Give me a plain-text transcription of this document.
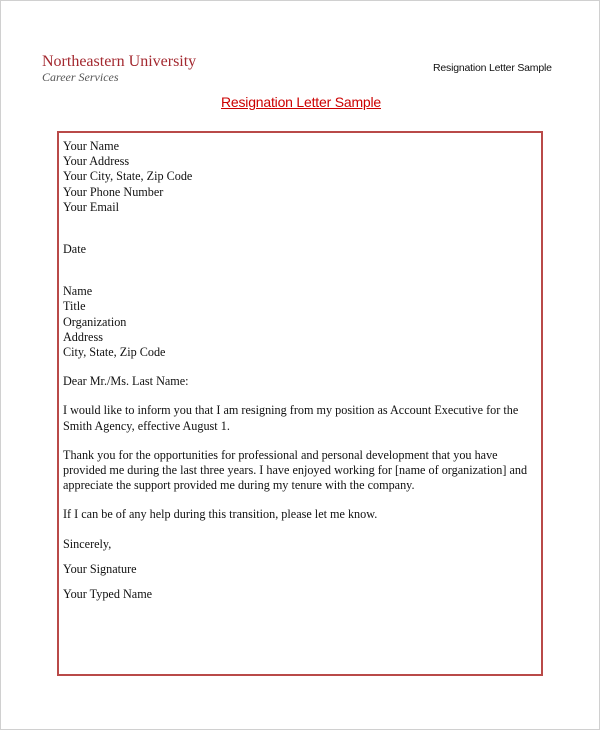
Northeastern University
Career Services
Resignation Letter Sample
Resignation Letter Sample
Your Name
Your Address
Your City, State, Zip Code
Your Phone Number
Your Email
Date
Name
Title
Organization
Address
City, State, Zip Code
Dear Mr./Ms. Last Name:
I would like to inform you that I am resigning from my position as Account Executive for the Smith Agency, effective August 1.
Thank you for the opportunities for professional and personal development that you have provided me during the last three years. I have enjoyed working for [name of organization] and appreciate the support provided me during my tenure with the company.
If I can be of any help during this transition, please let me know.
Sincerely,
Your Signature
Your Typed Name
